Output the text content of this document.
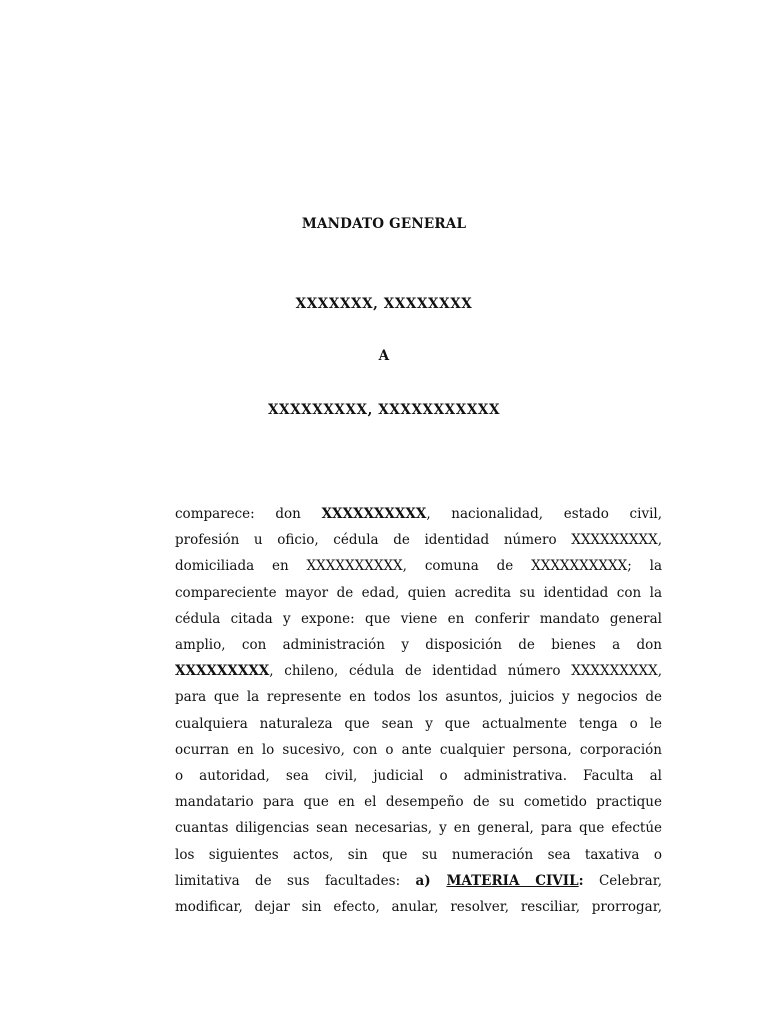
MANDATO GENERAL
XXXXXXX, XXXXXXXX
A
XXXXXXXXX, XXXXXXXXXXX
comparece: don XXXXXXXXXX, nacionalidad, estado civil,
profesión u oficio, cédula de identidad número XXXXXXXXX,
domiciliada en XXXXXXXXXX, comuna de XXXXXXXXXX; la
compareciente mayor de edad, quien acredita su identidad con la
cédula citada y expone: que viene en conferir mandato general
amplio, con administración y disposición de bienes a don
XXXXXXXXX, chileno, cédula de identidad número XXXXXXXXX,
para que la represente en todos los asuntos, juicios y negocios de
cualquiera naturaleza que sean y que actualmente tenga o le
ocurran en lo sucesivo, con o ante cualquier persona, corporación
o autoridad, sea civil, judicial o administrativa. Faculta al
mandatario para que en el desempeño de su cometido practique
cuantas diligencias sean necesarias, y en general, para que efectúe
los siguientes actos, sin que su numeración sea taxativa o
limitativa de sus facultades: a) MATERIA CIVIL: Celebrar,
modificar, dejar sin efecto, anular, resolver, resciliar, prorrogar,
